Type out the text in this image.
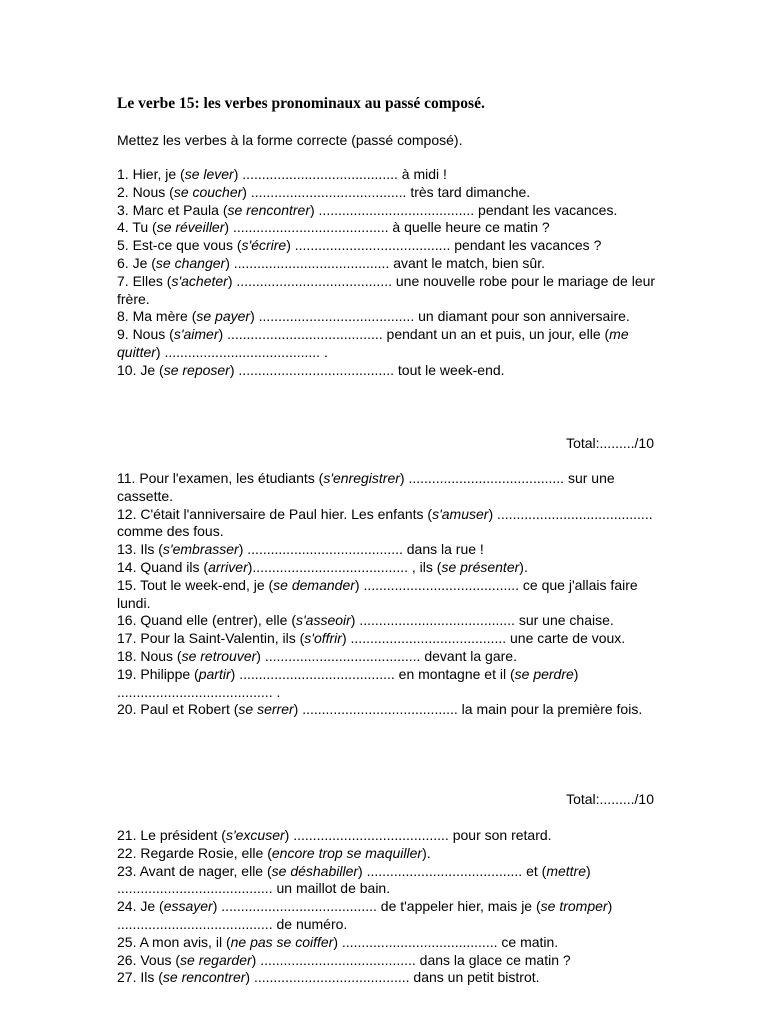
Le verbe 15: les verbes pronominaux au passé composé.
Mettez les verbes à la forme correcte (passé composé).

1. Hier, je (se lever) ........................................ à midi !

2. Nous (se coucher) ........................................ très tard dimanche.

3. Marc et Paula (se rencontrer) ........................................ pendant les vacances.

4. Tu (se réveiller) ........................................ à quelle heure ce matin ?

5. Est-ce que vous (s'écrire) ........................................ pendant les vacances ?

6. Je (se changer) ........................................ avant le match, bien sûr.

7. Elles (s'acheter) ........................................ une nouvelle robe pour le mariage de leur frère.

8. Ma mère (se payer) ........................................ un diamant pour son anniversaire.

9. Nous (s'aimer) ........................................ pendant un an et puis, un jour, elle (me quitter) ........................................ .

10. Je (se reposer) ........................................ tout le week-end.

Total:........./10

11. Pour l'examen, les étudiants (s'enregistrer) ........................................ sur une cassette.

12. C'était l'anniversaire de Paul hier. Les enfants (s'amuser) ........................................ comme des fous.

13. Ils (s'embrasser) ........................................ dans la rue !

14. Quand ils (arriver)........................................ , ils (se présenter).

15. Tout le week-end, je (se demander) ........................................ ce que j'allais faire lundi.

16. Quand elle (entrer), elle (s'asseoir) ........................................ sur une chaise.

17. Pour la Saint-Valentin, ils (s'offrir) ........................................ une carte de voux.

18. Nous (se retrouver) ........................................ devant la gare.

19. Philippe (partir) ........................................ en montagne et il (se perdre) ........................................ .

20. Paul et Robert (se serrer) ........................................ la main pour la première fois.

Total:........./10

21. Le président (s'excuser) ........................................ pour son retard.

22. Regarde Rosie, elle (encore trop se maquiller).

23. Avant de nager, elle (se déshabiller) ........................................ et (mettre) ........................................ un maillot de bain.

24. Je (essayer) ........................................ de t'appeler hier, mais je (se tromper) ........................................ de numéro.

25. A mon avis, il (ne pas se coiffer) ........................................ ce matin.

26. Vous (se regarder) ........................................ dans la glace ce matin ?

27. Ils (se rencontrer) ........................................ dans un petit bistrot.
